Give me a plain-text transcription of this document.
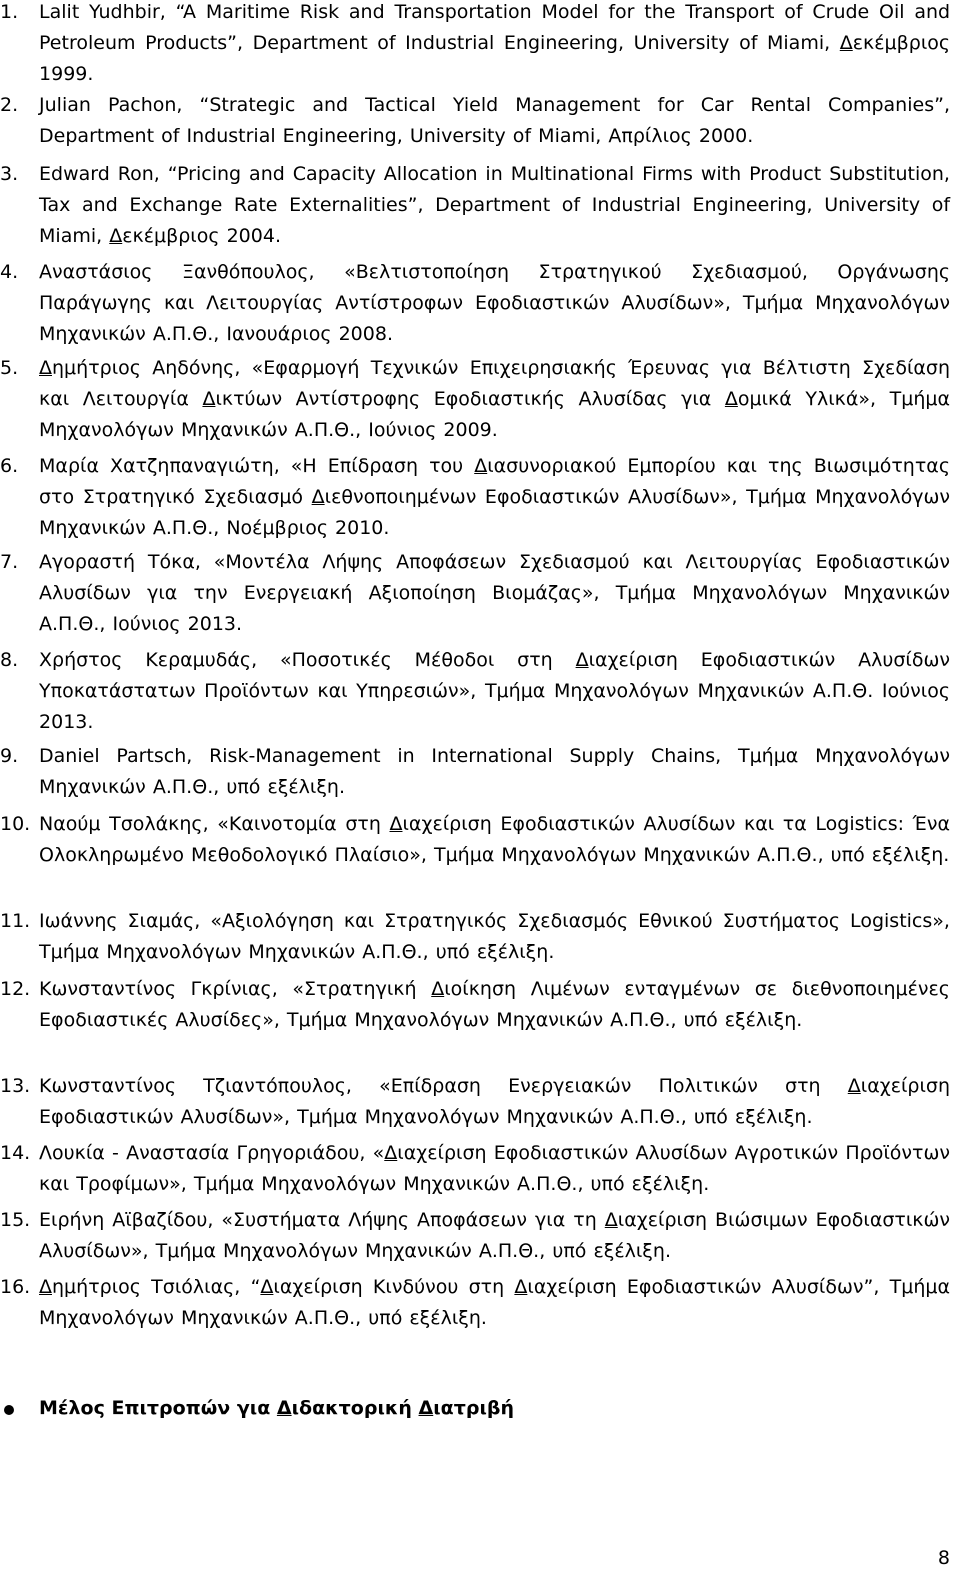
1.	Lalit Yudhbir, “A Maritime Risk and Transportation Model for the Transport of Crude Oil and Petroleum Products”, Department of Industrial Engineering, University of Miami, Δεκέμβριος 1999.
2.	Julian Pachon, “Strategic and Tactical Yield Management for Car Rental Companies”, Department of Industrial Engineering, University of Miami, Απρίλιος 2000.
3.	Edward Ron, “Pricing and Capacity Allocation in Multinational Firms with Product Substitution, Tax and Exchange Rate Externalities”, Department of Industrial Engineering, University of Miami, Δεκέμβριος 2004.
4.	Αναστάσιος Ξανθόπουλος, «Βελτιστοποίηση Στρατηγικού Σχεδιασμού, Οργάνωσης Παράγωγης και Λειτουργίας Αντίστροφων Εφοδιαστικών Αλυσίδων», Τμήμα Μηχανολόγων Μηχανικών Α.Π.Θ., Ιανουάριος 2008.
5.	Δημήτριος Αηδόνης, «Εφαρμογή Τεχνικών Επιχειρησιακής Έρευνας για Βέλτιστη Σχεδίαση και Λειτουργία Δικτύων Αντίστροφης Εφοδιαστικής Αλυσίδας για Δομικά Υλικά», Τμήμα Μηχανολόγων Μηχανικών Α.Π.Θ., Ιούνιος 2009.
6.	Μαρία Χατζηπαναγιώτη, «Η Επίδραση του Διασυνοριακού Εμπορίου και της Βιωσιμότητας στο Στρατηγικό Σχεδιασμό Διεθνοποιημένων Εφοδιαστικών Αλυσίδων», Τμήμα Μηχανολόγων Μηχανικών Α.Π.Θ., Νοέμβριος 2010.
7.	Αγοραστή Τόκα, «Μοντέλα Λήψης Αποφάσεων Σχεδιασμού και Λειτουργίας Εφοδιαστικών Αλυσίδων για την Ενεργειακή Αξιοποίηση Βιομάζας», Τμήμα Μηχανολόγων Μηχανικών Α.Π.Θ., Ιούνιος 2013.
8.	Χρήστος Κεραμυδάς, «Ποσοτικές Μέθοδοι στη Διαχείριση Εφοδιαστικών Αλυσίδων Υποκατάστατων Προϊόντων και Υπηρεσιών», Τμήμα Μηχανολόγων Μηχανικών Α.Π.Θ. Ιούνιος 2013.
9.	Daniel Partsch, Risk-Management in International Supply Chains, Τμήμα Μηχανολόγων Μηχανικών Α.Π.Θ., υπό εξέλιξη.
10. Ναούμ Τσολάκης, «Καινοτομία στη Διαχείριση Εφοδιαστικών Αλυσίδων και τα Logistics: Ένα Ολοκληρωμένο Μεθοδολογικό Πλαίσιο», Τμήμα Μηχανολόγων Μηχανικών Α.Π.Θ., υπό εξέλιξη.
11. Ιωάννης Σιαμάς, «Αξιολόγηση και Στρατηγικός Σχεδιασμός Εθνικού Συστήματος Logistics», Τμήμα Μηχανολόγων Μηχανικών Α.Π.Θ., υπό εξέλιξη.
12. Κωνσταντίνος Γκρίνιας, «Στρατηγική Διοίκηση Λιμένων ενταγμένων σε διεθνοποιημένες Εφοδιαστικές Αλυσίδες», Τμήμα Μηχανολόγων Μηχανικών Α.Π.Θ., υπό εξέλιξη.
13. Κωνσταντίνος Τζιαντόπουλος, «Επίδραση Ενεργειακών Πολιτικών στη Διαχείριση Εφοδιαστικών Αλυσίδων», Τμήμα Μηχανολόγων Μηχανικών Α.Π.Θ., υπό εξέλιξη.
14. Λουκία - Αναστασία Γρηγοριάδου, «Διαχείριση Εφοδιαστικών Αλυσίδων Αγροτικών Προϊόντων και Τροφίμων», Τμήμα Μηχανολόγων Μηχανικών Α.Π.Θ., υπό εξέλιξη.
15. Ειρήνη Αϊβαζίδου, «Συστήματα Λήψης Αποφάσεων για τη Διαχείριση Βιώσιμων Εφοδιαστικών Αλυσίδων», Τμήμα Μηχανολόγων Μηχανικών Α.Π.Θ., υπό εξέλιξη.
16. Δημήτριος Τσιόλιας, “Διαχείριση Κινδύνου στη Διαχείριση Εφοδιαστικών Αλυσίδων”, Τμήμα Μηχανολόγων Μηχανικών Α.Π.Θ., υπό εξέλιξη.
Μέλος Επιτροπών για Διδακτορική Διατριβή
8
